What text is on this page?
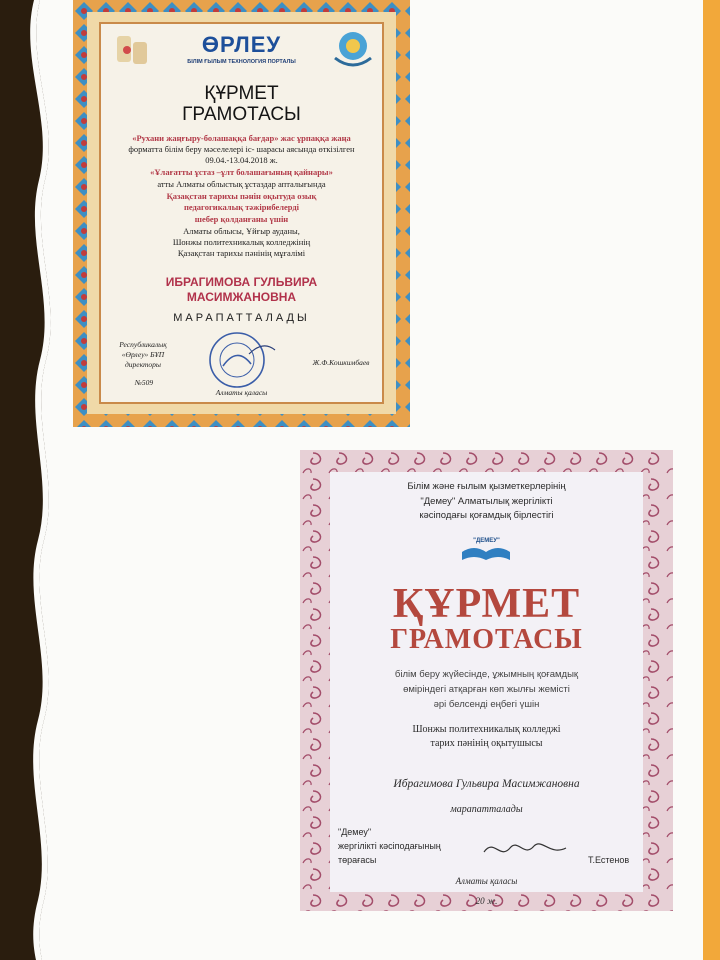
ӨРЛЕУ
БІЛІМ ҒЫЛЫМ ТЕХНОЛОГИЯ ПОРТАЛЫ
ҚҰРМЕТ
ГРАМОТАСЫ
«Рухани жаңғыру-болашаққа бағдар» жас ұрпаққа жаңа
форматта білім беру мәселелері іс- шарасы аясында өткізілген
09.04.-13.04.2018 ж.
«Ұлағатты ұстаз –ұлт болашағының қайнары»
атты Алматы облыстық ұстаздар апталығында
Қазақстан тарихы пәнін оқытуда озық
педагогикалық тәжірибелерді
шебер қолданғаны үшін
Алматы облысы, Ұйғыр ауданы,
Шонжы политехникалық колледжінің
Қазақстан тарихы пәнінің мұғалімі
ИБРАГИМОВА ГУЛЬВИРА
МАСИМЖАНОВНА
МАРАПАТТАЛАДЫ
Республикалық
«Өрлеу» БҰП
директоры
№509
Ж.Ф.Кошкимбаев
Алматы қаласы
Білім және ғылым қызметкерлерінің
"Демеу" Алматылық жергілікті
кәсіподағы қоғамдық бірлестігі
"ДЕМЕУ"
ҚҰРМЕТ
ГРАМОТАСЫ
білім беру жүйесінде, ұжымның қоғамдық
өміріндегі атқарған көп жылғы жемісті
әрі белсенді еңбегі үшін
Шонжы политехникалық колледжі
тарих пәнінің оқытушысы
Ибрагимова Гульвира Масимжановна
марапатталады
"Демеу"
жергілікті кәсіподағының
төрағасы	Т.Естенов
Алматы қаласы
20 ж.
